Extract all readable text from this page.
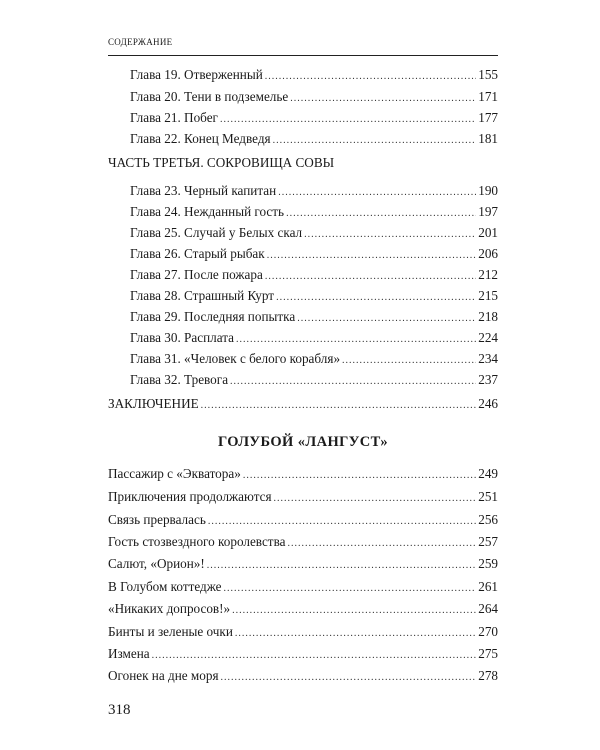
содержание
Глава 19. Отверженный .....	155
Глава 20. Тени в подземелье .....	171
Глава 21. Побег .....	177
Глава 22. Конец Медведя .....	181
ЧАСТЬ ТРЕТЬЯ. СОКРОВИЩА СОВЫ
Глава 23. Черный капитан .....	190
Глава 24. Нежданный гость .....	197
Глава 25. Случай у Белых скал .....	201
Глава 26. Старый рыбак .....	206
Глава 27. После пожара .....	212
Глава 28. Страшный Курт .....	215
Глава 29. Последняя попытка .....	218
Глава 30. Расплата .....	224
Глава 31. «Человек с белого корабля» .....	234
Глава 32. Тревога .....	237
ЗАКЛЮЧЕНИЕ .....	246
ГОЛУБОЙ «ЛАНГУСТ»
Пассажир с «Экватора» .....	249
Приключения продолжаются .....	251
Связь прервалась .....	256
Гость стозвездного королевства .....	257
Салют, «Орион»! .....	259
В Голубом коттедже .....	261
«Никаких допросов!» .....	264
Бинты и зеленые очки .....	270
Измена .....	275
Огонек на дне моря .....	278
318
